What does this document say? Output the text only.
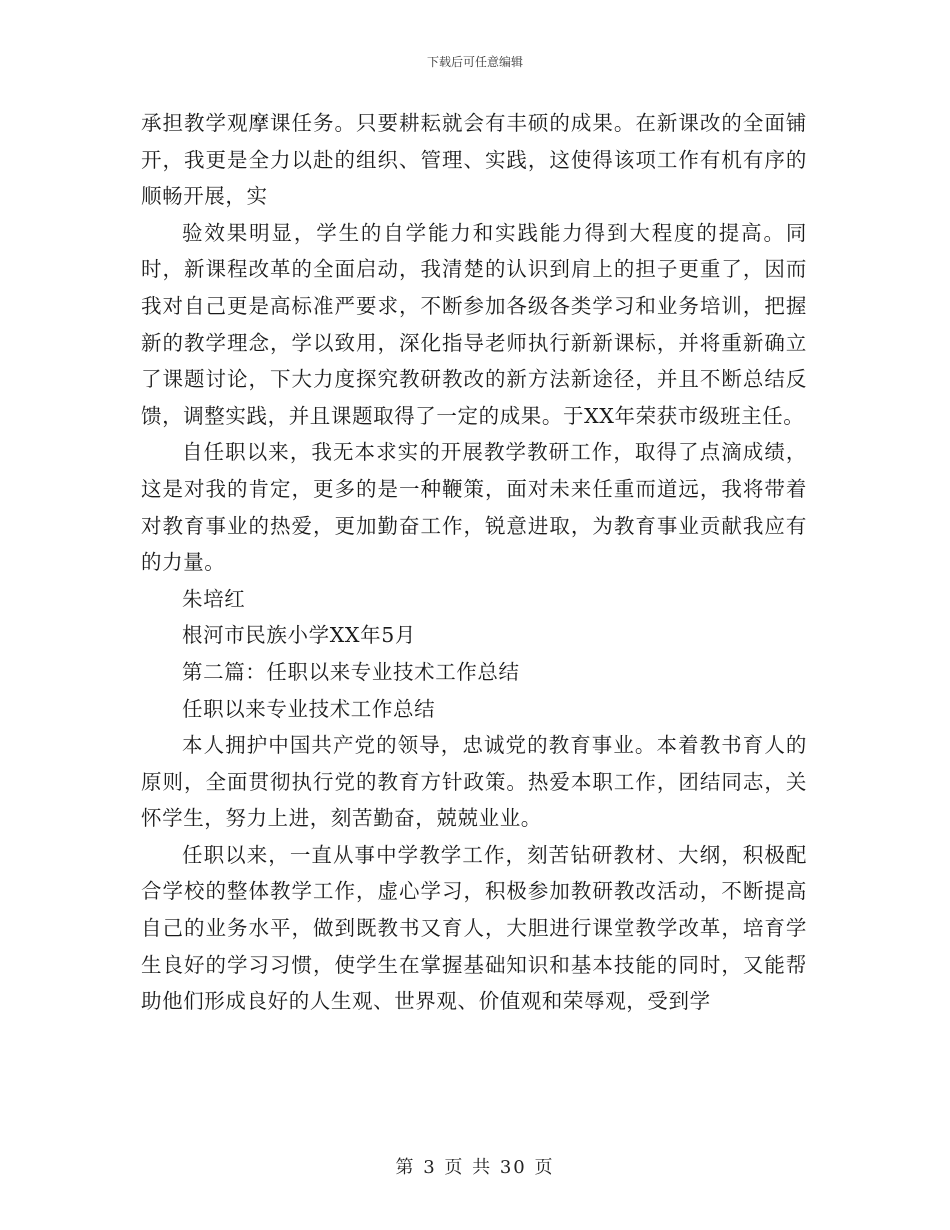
下载后可任意编辑

承担教学观摩课任务。只要耕耘就会有丰硕的成果。在新课改的全面铺开，我更是全力以赴的组织、管理、实践，这使得该项工作有机有序的顺畅开展，实

验效果明显，学生的自学能力和实践能力得到大程度的提高。同时，新课程改革的全面启动，我清楚的认识到肩上的担子更重了，因而我对自己更是高标准严要求，不断参加各级各类学习和业务培训，把握新的教学理念，学以致用，深化指导老师执行新新课标，并将重新确立了课题讨论，下大力度探究教研教改的新方法新途径，并且不断总结反馈，调整实践，并且课题取得了一定的成果。于XX年荣获市级班主任。

自任职以来，我无本求实的开展教学教研工作，取得了点滴成绩，这是对我的肯定，更多的是一种鞭策，面对未来任重而道远，我将带着对教育事业的热爱，更加勤奋工作，锐意进取，为教育事业贡献我应有的力量。

朱培红

根河市民族小学XX年5月

第二篇：任职以来专业技术工作总结

任职以来专业技术工作总结

本人拥护中国共产党的领导，忠诚党的教育事业。本着教书育人的原则，全面贯彻执行党的教育方针政策。热爱本职工作，团结同志，关怀学生，努力上进，刻苦勤奋，兢兢业业。

任职以来，一直从事中学教学工作，刻苦钻研教材、大纲，积极配合学校的整体教学工作，虚心学习，积极参加教研教改活动，不断提高自己的业务水平，做到既教书又育人，大胆进行课堂教学改革，培育学生良好的学习习惯，使学生在掌握基础知识和基本技能的同时，又能帮助他们形成良好的人生观、世界观、价值观和荣辱观，受到学

第 3 页 共 30 页
